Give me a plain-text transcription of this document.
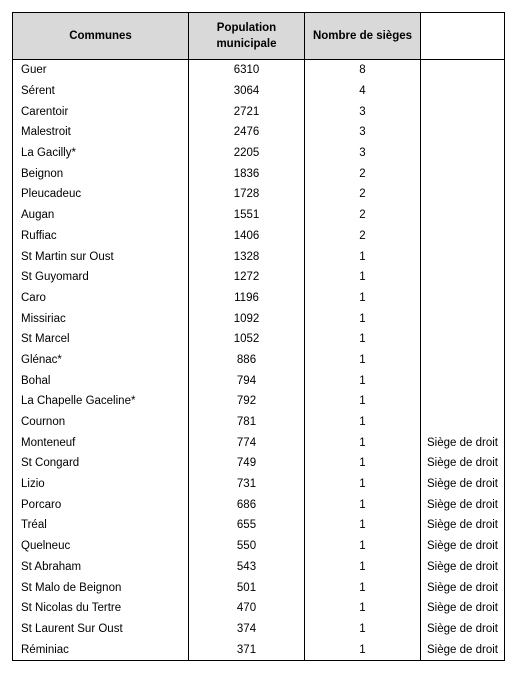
Communes	Population municipale	Nombre de sièges	
Guer	6310	8	
Sérent	3064	4	
Carentoir	2721	3	
Malestroit	2476	3	
La Gacilly*	2205	3	
Beignon	1836	2	
Pleucadeuc	1728	2	
Augan	1551	2	
Ruffiac	1406	2	
St Martin sur Oust	1328	1	
St Guyomard	1272	1	
Caro	1196	1	
Missiriac	1092	1	
St Marcel	1052	1	
Glénac*	886	1	
Bohal	794	1	
La Chapelle Gaceline*	792	1	
Cournon	781	1	
Monteneuf	774	1	Siège de droit
St Congard	749	1	Siège de droit
Lizio	731	1	Siège de droit
Porcaro	686	1	Siège de droit
Tréal	655	1	Siège de droit
Quelneuc	550	1	Siège de droit
St Abraham	543	1	Siège de droit
St Malo de Beignon	501	1	Siège de droit
St Nicolas du Tertre	470	1	Siège de droit
St Laurent Sur Oust	374	1	Siège de droit
Réminiac	371	1	Siège de droit
